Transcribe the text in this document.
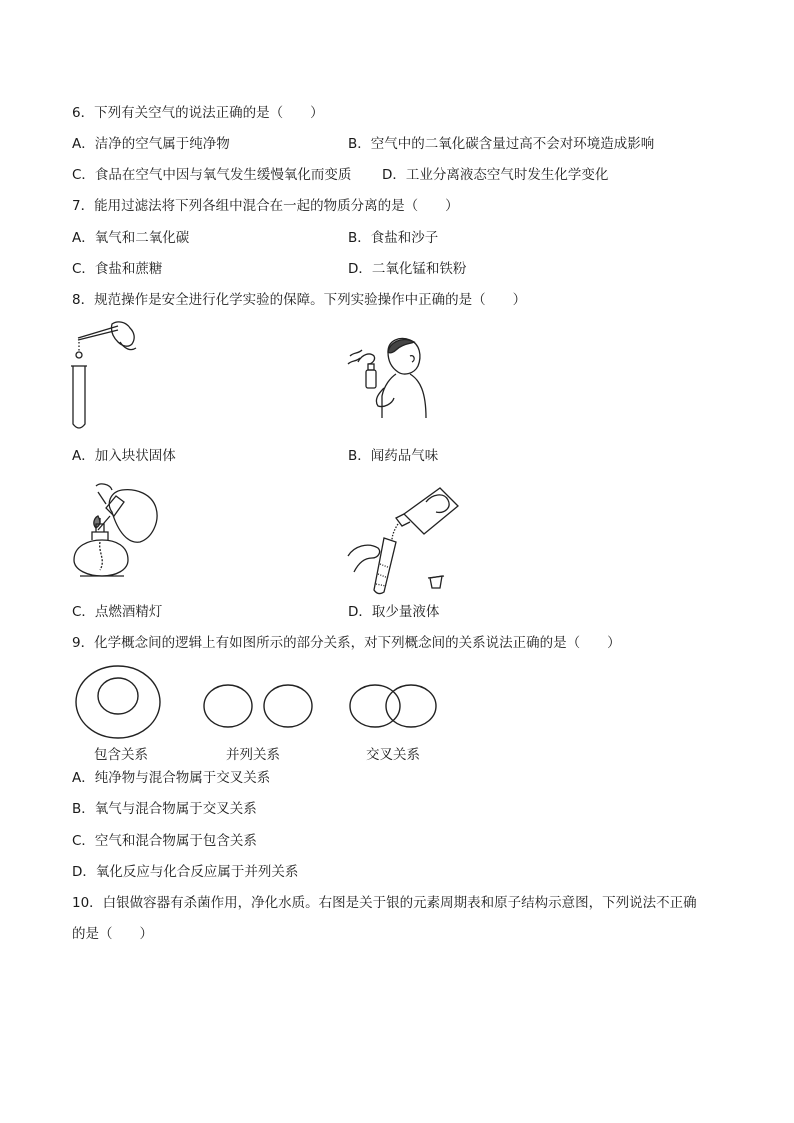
6．下列有关空气的说法正确的是（　　）
A．洁净的空气属于纯净物	B．空气中的二氧化碳含量过高不会对环境造成影响
C．食品在空气中因与氧气发生缓慢氧化而变质 D．工业分离液态空气时发生化学变化
7．能用过滤法将下列各组中混合在一起的物质分离的是（　　）
A．氧气和二氧化碳	B．食盐和沙子
C．食盐和蔗糖	D．二氧化锰和铁粉
8．规范操作是安全进行化学实验的保障。下列实验操作中正确的是（　　）
A．加入块状固体	B．闻药品气味
C．点燃酒精灯	D．取少量液体
9．化学概念间的逻辑上有如图所示的部分关系，对下列概念间的关系说法正确的是（　　）
包含关系	并列关系	交叉关系
A．纯净物与混合物属于交叉关系
B．氧气与混合物属于交叉关系
C．空气和混合物属于包含关系
D．氧化反应与化合反应属于并列关系
10．白银做容器有杀菌作用，净化水质。右图是关于银的元素周期表和原子结构示意图，下列说法不正确
的是（　　）
